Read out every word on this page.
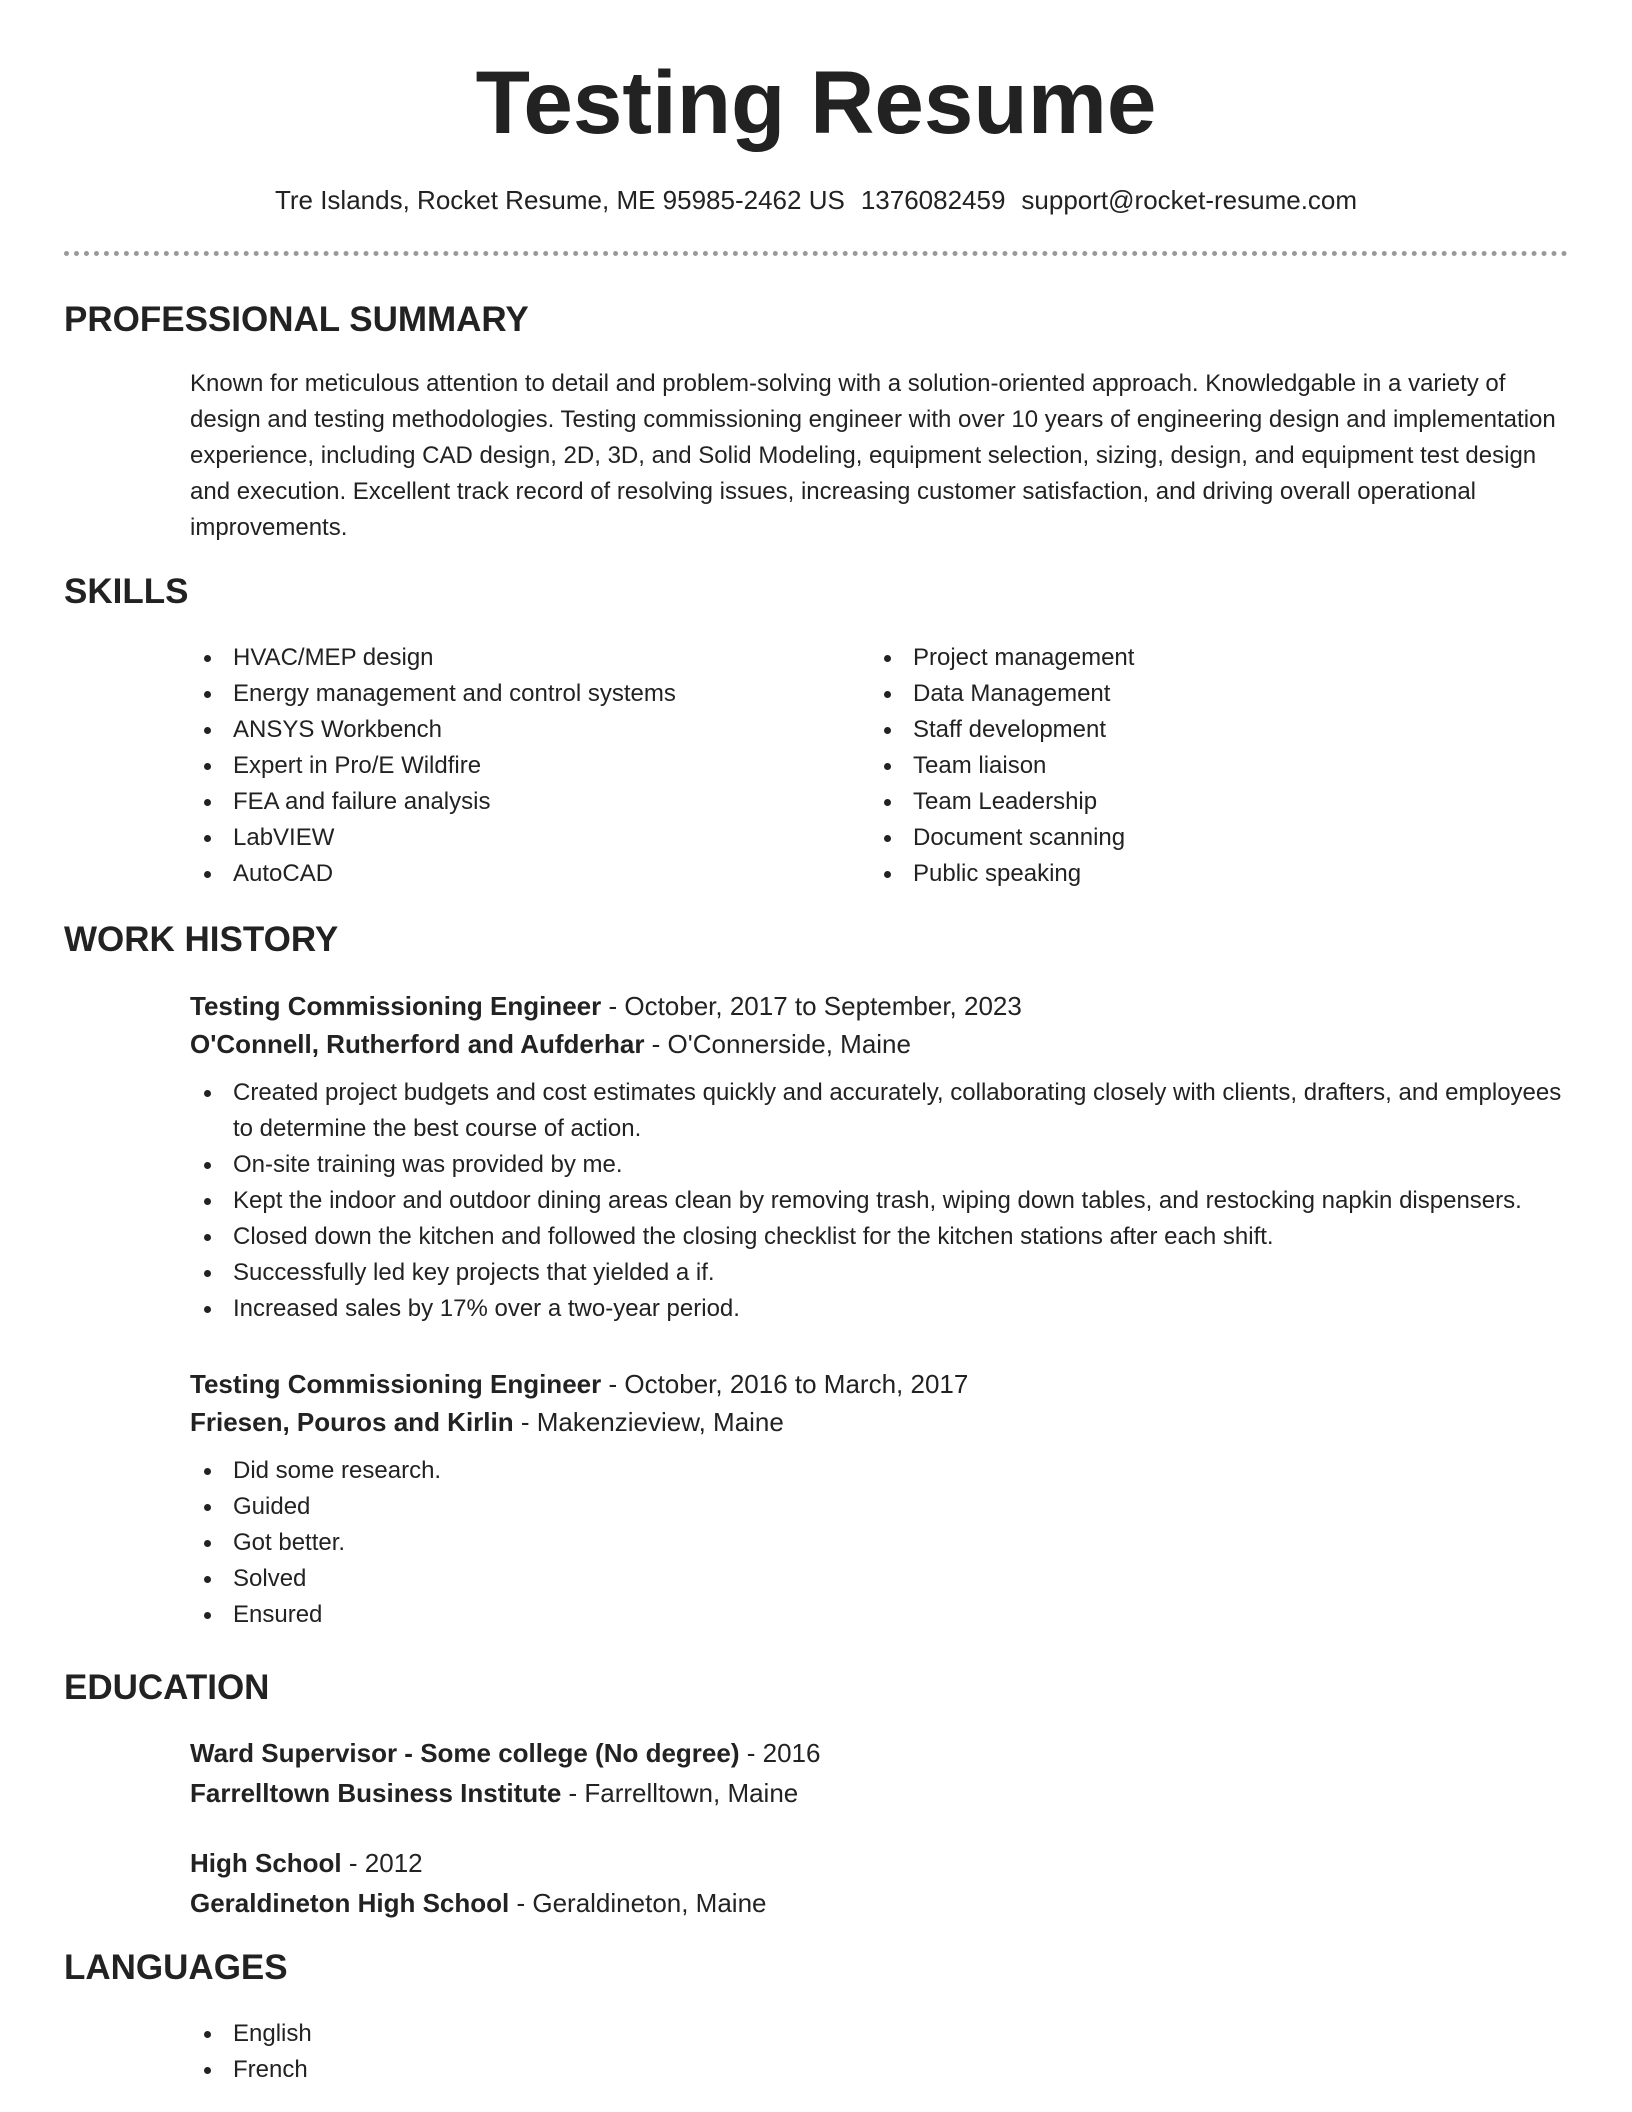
Testing Resume
Tre Islands, Rocket Resume, ME 95985-2462 US 1376082459 support@rocket-resume.com
PROFESSIONAL SUMMARY
Known for meticulous attention to detail and problem-solving with a solution-oriented approach. Knowledgable in a variety of design and testing methodologies. Testing commissioning engineer with over 10 years of engineering design and implementation experience, including CAD design, 2D, 3D, and Solid Modeling, equipment selection, sizing, design, and equipment test design and execution. Excellent track record of resolving issues, increasing customer satisfaction, and driving overall operational improvements.
SKILLS
HVAC/MEP design
Energy management and control systems
ANSYS Workbench
Expert in Pro/E Wildfire
FEA and failure analysis
LabVIEW
AutoCAD
Project management
Data Management
Staff development
Team liaison
Team Leadership
Document scanning
Public speaking
WORK HISTORY
Testing Commissioning Engineer - October, 2017 to September, 2023
O'Connell, Rutherford and Aufderhar - O'Connerside, Maine
Created project budgets and cost estimates quickly and accurately, collaborating closely with clients, drafters, and employees to determine the best course of action.
On-site training was provided by me.
Kept the indoor and outdoor dining areas clean by removing trash, wiping down tables, and restocking napkin dispensers.
Closed down the kitchen and followed the closing checklist for the kitchen stations after each shift.
Successfully led key projects that yielded a if.
Increased sales by 17% over a two-year period.
Testing Commissioning Engineer - October, 2016 to March, 2017
Friesen, Pouros and Kirlin - Makenzieview, Maine
Did some research.
Guided
Got better.
Solved
Ensured
EDUCATION
Ward Supervisor - Some college (No degree) - 2016
Farrelltown Business Institute - Farrelltown, Maine
High School - 2012
Geraldineton High School - Geraldineton, Maine
LANGUAGES
English
French
